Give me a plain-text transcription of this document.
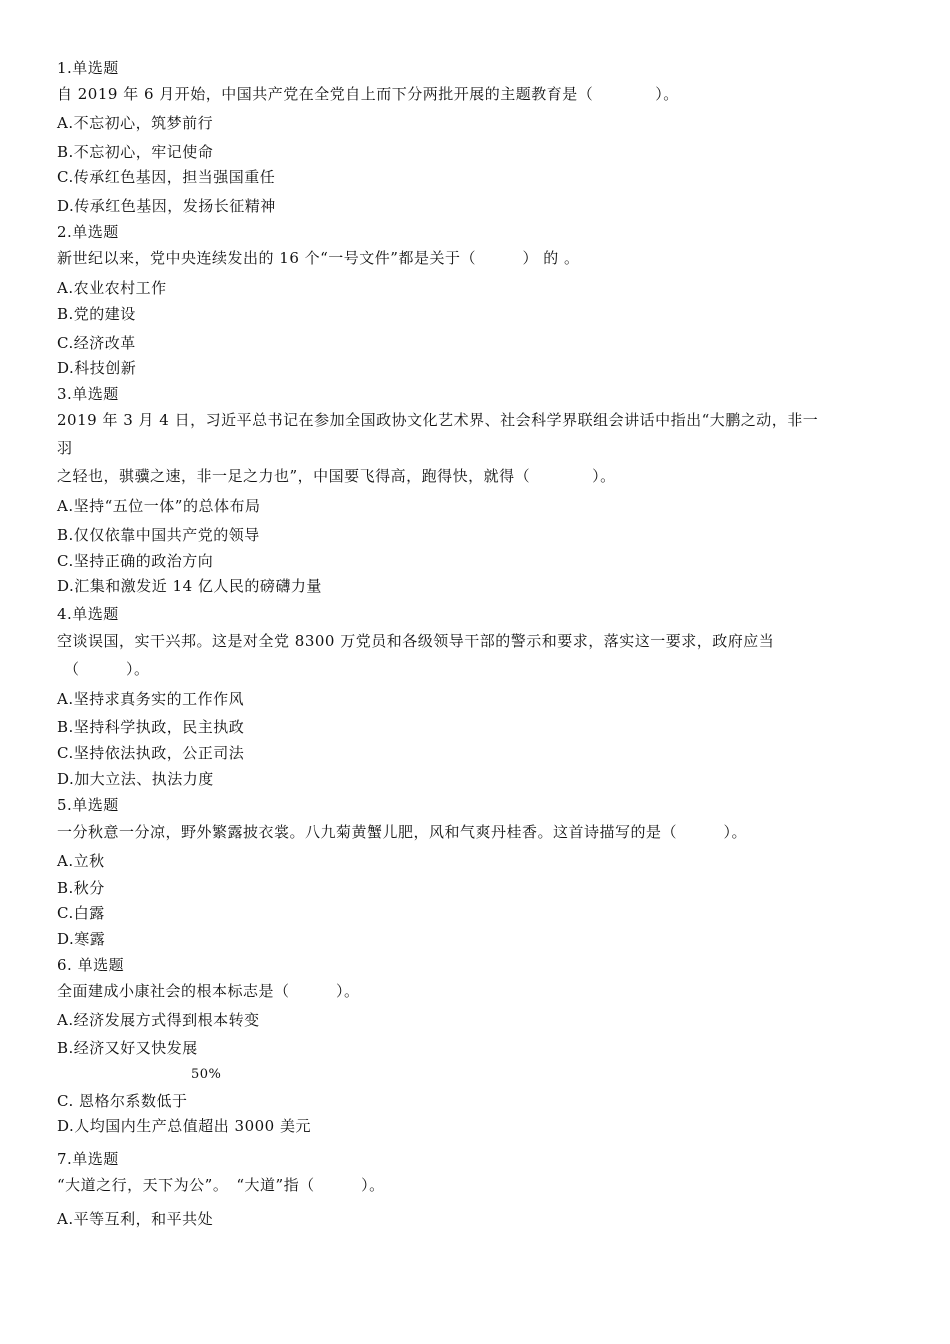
1.单选题
自 2019 年 6 月开始，中国共产党在全党自上而下分两批开展的主题教育是（　　　　）。
A.不忘初心，筑梦前行
B.不忘初心，牢记使命
C.传承红色基因，担当强国重任
D.传承红色基因，发扬长征精神
2.单选题
新世纪以来，党中央连续发出的 16 个“一号文件”都是关于（　　　） 的 。
A.农业农村工作
B.党的建设
C.经济改革
D.科技创新
3.单选题
2019 年 3 月 4 日，习近平总书记在参加全国政协文化艺术界、社会科学界联组会讲话中指出“大鹏之动，非一
羽
之轻也，骐骥之速，非一足之力也”，中国要飞得高，跑得快，就得（　　　　）。
A.坚持“五位一体”的总体布局
B.仅仅依靠中国共产党的领导
C.坚持正确的政治方向
D.汇集和激发近 14 亿人民的磅礴力量
4.单选题
空谈误国，实干兴邦。这是对全党 8300 万党员和各级领导干部的警示和要求，落实这一要求，政府应当
（　　　）。
A.坚持求真务实的工作作风
B.坚持科学执政，民主执政
C.坚持依法执政，公正司法
D.加大立法、执法力度
5.单选题
一分秋意一分凉，野外繁露披衣裳。八九菊黄蟹儿肥，风和气爽丹桂香。这首诗描写的是（　　　）。
A.立秋
B.秋分
C.白露
D.寒露
6. 单选题
全面建成小康社会的根本标志是（　　　）。
A.经济发展方式得到根本转变
B.经济又好又快发展
50%
C. 恩格尔系数低于
D.人均国内生产总值超出 3000 美元
7.单选题
“大道之行，天下为公”。　“大道”指（　　　）。
A.平等互利，和平共处
